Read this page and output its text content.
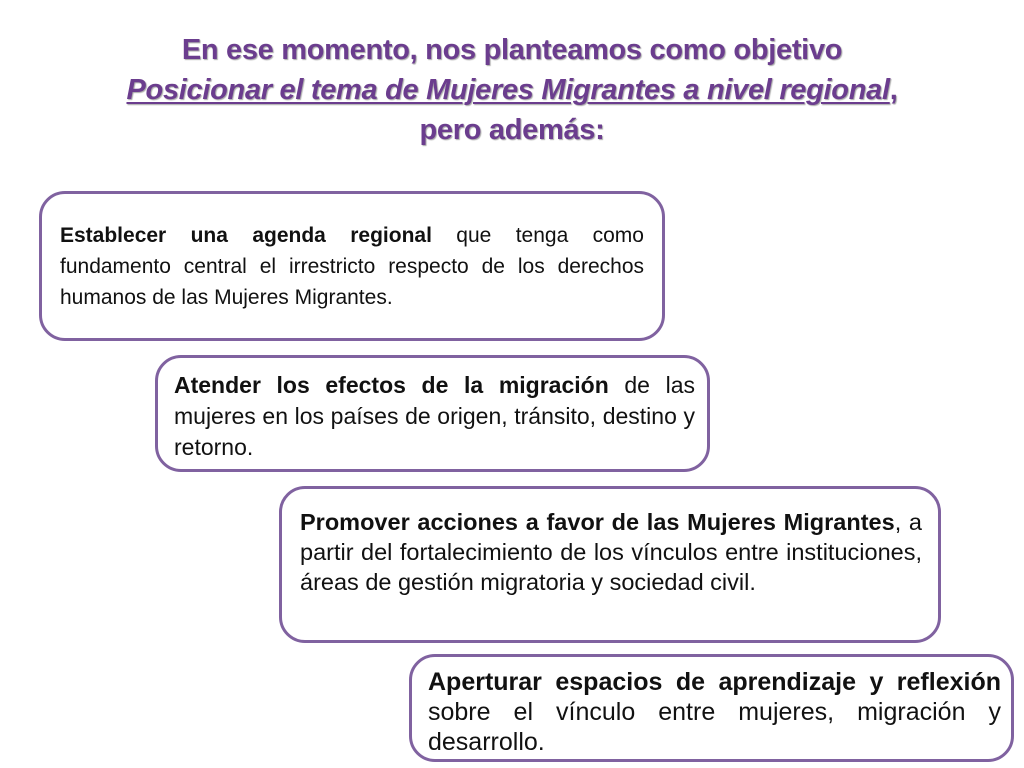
En ese momento, nos planteamos como objetivo
Posicionar el tema de Mujeres Migrantes a nivel regional,
pero además:
Establecer una agenda regional que tenga como fundamento central el irrestricto respecto de los derechos humanos de las Mujeres Migrantes.
Atender los efectos de la migración de las mujeres en los países de origen, tránsito, destino y retorno.
Promover acciones a favor de las Mujeres Migrantes, a partir del fortalecimiento de los vínculos entre instituciones, áreas de gestión migratoria y sociedad civil.
Aperturar espacios de aprendizaje y reflexión sobre el vínculo entre mujeres, migración y desarrollo.
